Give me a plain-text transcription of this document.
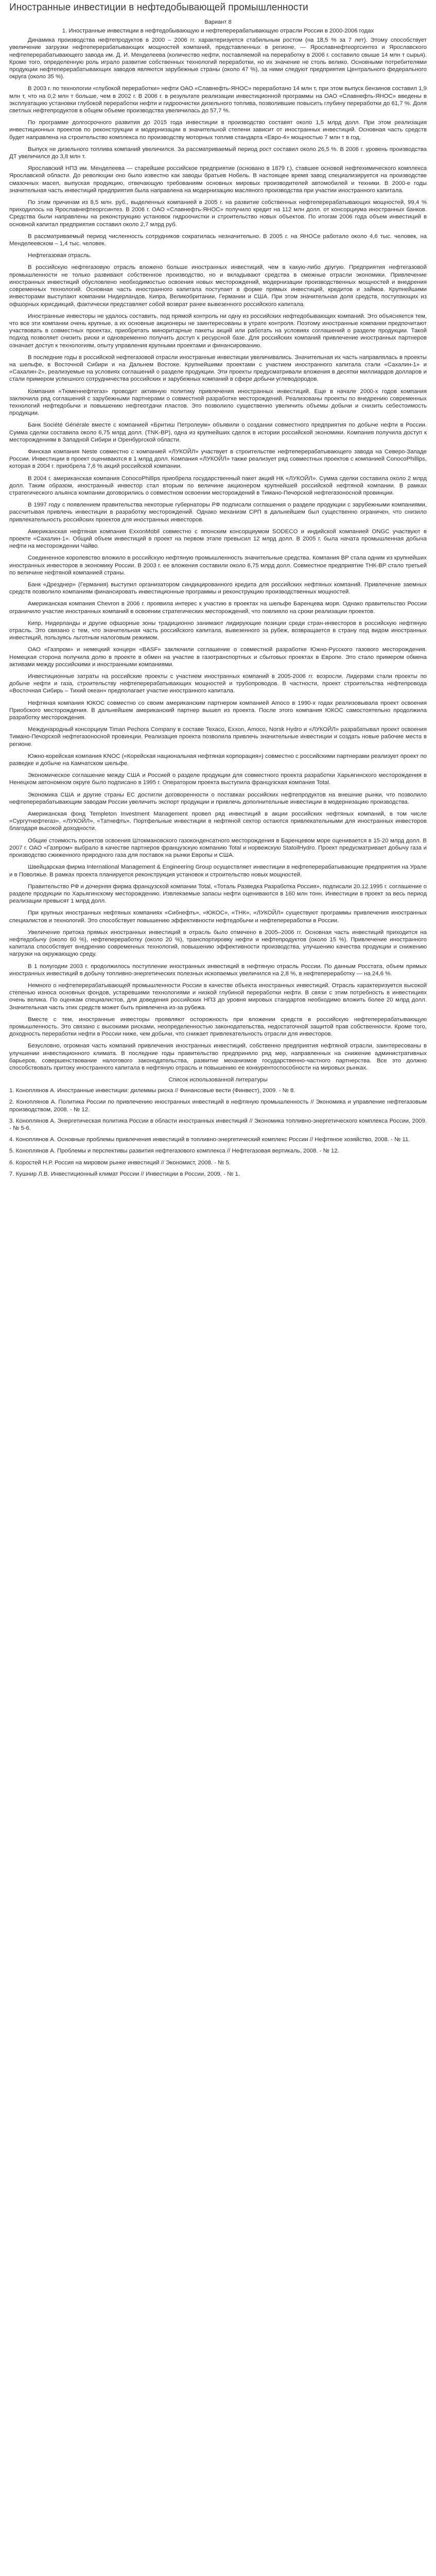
Иностранные инвестиции в нефтедобывающей промышленности
Вариант 8

1. Иностранные инвестиции в нефтедобывающую и нефтеперерабатывающую отрасли России в 2000-2006 годах

Динамика производства нефтепродуктов в 2000 – 2006 гг. характеризуется стабильным ростом (на 18,5 % за 7 лет). Этому способствует увеличение загрузки нефтеперерабатывающих мощностей компаний, представленных в регионе, — Ярославнефтеоргсинтез и Ярославского нефтеперерабатывающего завода им. Д. И. Менделеева (количество нефти, поставляемой на переработку в 2006 г. составило свыше 14 млн т сырья). Кроме того, определенную роль играло развитие собственных технологий переработки, но их значение не столь велико. Основными потребителями продукции нефтеперерабатывающих заводов являются зарубежные страны (около 47 %), за ними следуют предприятия Центрального федерального округа (около 35 %).

В 2003 г. по технологии «глубокой переработки» нефти ОАО «Славнефть-ЯНОС» переработано 14 млн т, при этом выпуск бензинов составил 1,9 млн т, что на 0,2 млн т больше, чем в 2002 г. В 2006 г. в результате реализации инвестиционной программы на ОАО «Славнефть-ЯНОС» введены в эксплуатацию установки глубокой переработки нефти и гидроочистки дизельного топлива, позволившие повысить глубину переработки до 61,7 %. Доля светлых нефтепродуктов в общем объеме производства увеличилась до 57,7 %.

По программе долгосрочного развития до 2015 года инвестиции в производство составят около 1,5 млрд долл. При этом реализация инвестиционных проектов по реконструкции и модернизации в значительной степени зависит от иностранных инвестиций. Основная часть средств будет направлена на строительство комплекса по производству моторных топлив стандарта «Евро-4» мощностью 7 млн т в год.

Выпуск не дизельного топлива компаний увеличился. За рассматриваемый период рост составил около 26,5 %. В 2006 г. уровень производства ДТ увеличился до 3,8 млн т.

Ярославский НПЗ им. Менделеева — старейшее российское предприятие (основано в 1879 г.), ставшее основой нефтехимического комплекса Ярославской области. До революции оно было известно как заводы братьев Нобель. В настоящее время завод специализируется на производстве смазочных масел, выпуская продукцию, отвечающую требованиям основных мировых производителей автомобилей и техники. В 2000-е годы значительная часть инвестиций предприятия была направлена на модернизацию масляного производства при участии иностранного капитала.

По этим причинам из 8,5 млн. руб., выделенных компанией в 2005 г. на развитие собственных нефтеперерабатывающих мощностей, 99,4 % приходилось на Ярославнефтеоргсинтез. В 2006 г. ОАО «Славнефть-ЯНОС» получило кредит на 112 млн долл. от консорциума иностранных банков. Средства были направлены на реконструкцию установок гидроочистки и строительство новых объектов. По итогам 2006 года объем инвестиций в основной капитал предприятия составил около 2,7 млрд руб.

В рассматриваемый период численность сотрудников сократилась незначительно. В 2005 г. на ЯНОСе работало около 4,6 тыс. человек, на Менделеевском – 1,4 тыс. человек.

Нефтегазовая отрасль.

В российскую нефтегазовую отрасль вложено больше иностранных инвестиций, чем в какую-либо другую. Предприятия нефтегазовой промышленности не только развивают собственное производство, но и вкладывают средства в смежные отрасли экономики. Привлечение иностранных инвестиций обусловлено необходимостью освоения новых месторождений, модернизации производственных мощностей и внедрения современных технологий. Основная часть иностранного капитала поступает в форме прямых инвестиций, кредитов и займов. Крупнейшими инвесторами выступают компании Нидерландов, Кипра, Великобритании, Германии и США. При этом значительная доля средств, поступающих из офшорных юрисдикций, фактически представляет собой возврат ранее вывезенного российского капитала.

Иностранные инвесторы не удалось составить, под прямой контроль ни одну из российских нефтедобывающих компаний. Это объясняется тем, что все эти компании очень крупные, а их основные акционеры не заинтересованы в утрате контроля. Поэтому иностранные компании предпочитают участвовать в совместных проектах, приобретать миноритарные пакеты акций или работать на условиях соглашений о разделе продукции. Такой подход позволяет снизить риски и одновременно получить доступ к ресурсной базе. Для российских компаний привлечение иностранных партнеров означает доступ к технологиям, опыту управления крупными проектами и финансированию.

В последние годы в российской нефтегазовой отрасли иностранные инвестиции увеличивались. Значительная их часть направлялась в проекты на шельфе, в Восточной Сибири и на Дальнем Востоке. Крупнейшими проектами с участием иностранного капитала стали «Сахалин-1» и «Сахалин-2», реализуемые на условиях соглашений о разделе продукции. Эти проекты предусматривали вложения в десятки миллиардов долларов и стали примером успешного сотрудничества российских и зарубежных компаний в сфере добычи углеводородов.

Компания «Тюменнефтегаз» проводит активную политику привлечения иностранных инвестиций. Еще в начале 2000-х годов компания заключила ряд соглашений с зарубежными партнерами о совместной разработке месторождений. Реализованы проекты по внедрению современных технологий нефтедобычи и повышению нефтеотдачи пластов. Это позволило существенно увеличить объемы добычи и снизить себестоимость продукции.

Банк Société Générale вместе с компанией «Бритиш Петролеум» объявили о создании совместного предприятия по добыче нефти в России. Сумма сделки составила около 6,75 млрд долл. (TNK-BP), одна из крупнейших сделок в истории российской экономики. Компания получила доступ к месторождениям в Западной Сибири и Оренбургской области.

Финская компания Neste совместно с компанией «ЛУКОЙЛ» участвует в строительстве нефтеперерабатывающего завода на Северо-Западе России. Инвестиции в проект оцениваются в 1 млрд долл. Компания «ЛУКОЙЛ» также реализует ряд совместных проектов с компанией ConocoPhillips, которая в 2004 г. приобрела 7,6 % акций российской компании.

В 2004 г. американская компания ConocoPhillips приобрела государственный пакет акций НК «ЛУКОЙЛ». Сумма сделки составила около 2 млрд долл. Таким образом, иностранный инвестор стал вторым по величине акционером крупнейшей российской нефтяной компании. В рамках стратегического альянса компании договорились о совместном освоении месторождений в Тимано-Печорской нефтегазоносной провинции.

В 1997 году с появлением правительства некоторые губернаторы РФ подписали соглашения о разделе продукции с зарубежными компаниями, рассчитывая привлечь инвестиции в разработку месторождений. Однако механизм СРП в дальнейшем был существенно ограничен, что снизило привлекательность российских проектов для иностранных инвесторов.

Американская нефтяная компания ExxonMobil совместно с японским консорциумом SODECO и индийской компанией ONGC участвуют в проекте «Сахалин-1». Общий объем инвестиций в проект на первом этапе превысил 12 млрд долл. В 2005 г. была начата промышленная добыча нефти на месторождении Чайво.

Соединенное королевство вложило в российскую нефтяную промышленность значительные средства. Компания BP стала одним из крупнейших иностранных инвесторов в экономику России. В 2003 г. ее вложения составили около 6,75 млрд долл. Совместное предприятие ТНК-ВР стало третьей по величине нефтяной компанией страны.

Банк «Дрезднер» (Германия) выступил организатором синдицированного кредита для российских нефтяных компаний. Привлечение заемных средств позволило компаниям финансировать инвестиционные программы и реконструкцию производственных мощностей.

Американская компания Chevron в 2006 г. проявила интерес к участию в проектах на шельфе Баренцева моря. Однако правительство России ограничило участие иностранных компаний в освоении стратегических месторождений, что повлияло на сроки реализации проектов.

Кипр, Нидерланды и другие офшорные зоны традиционно занимают лидирующие позиции среди стран-инвесторов в российскую нефтяную отрасль. Это связано с тем, что значительная часть российского капитала, вывезенного за рубеж, возвращается в страну под видом иностранных инвестиций, пользуясь льготным налоговым режимом.

ОАО «Газпром» и немецкий концерн «BASF» заключили соглашение о совместной разработке Южно-Русского газового месторождения. Немецкая сторона получила долю в проекте в обмен на участие в газотранспортных и сбытовых проектах в Европе. Это стало примером обмена активами между российскими и иностранными компаниями.

Инвестиционные затраты на российские проекты с участием иностранных компаний в 2005-2006 гг. возросли. Лидерами стали проекты по добыче нефти и газа, строительству нефтеперерабатывающих мощностей и трубопроводов. В частности, проект строительства нефтепровода «Восточная Сибирь – Тихий океан» предполагает участие иностранного капитала.

Нефтяная компания ЮКОС совместно со своим американским партнером компанией Amoco в 1990-х годах реализовывала проект освоения Приобского месторождения. В дальнейшем американский партнер вышел из проекта. После этого компания ЮКОС самостоятельно продолжила разработку месторождения.

Международный консорциум Timan Pechora Company в составе Texaco, Exxon, Amoco, Norsk Hydro и «ЛУКОЙЛ» разрабатывал проект освоения Тимано-Печорской нефтегазоносной провинции. Реализация проекта позволила привлечь значительные инвестиции и создать новые рабочие места в регионе.

Южно-корейская компания KNOC («Корейская национальная нефтяная корпорация») совместно с российскими партнерами реализует проект по разведке и добыче на Камчатском шельфе.

Экономическое соглашение между США и Россией о разделе продукции для совместного проекта разработки Харьягинского месторождения в Ненецком автономном округе было подписано в 1995 г. Оператором проекта выступила французская компания Total.

Экономика США и другие страны ЕС достигли договоренности о поставках российских нефтепродуктов на внешние рынки, что позволило нефтеперерабатывающим заводам России увеличить экспорт продукции и привлечь дополнительные инвестиции в модернизацию производства.

Американская фонд Templeton Investment Management провел ряд инвестиций в акции российских нефтяных компаний, в том числе «Сургутнефтегаз», «ЛУКОЙЛ», «Татнефть». Портфельные инвестиции в нефтяной сектор остаются привлекательными для иностранных инвесторов благодаря высокой доходности.

Общие стоимость проектов освоения Штокмановского газоконденсатного месторождения в Баренцевом море оценивается в 15-20 млрд долл. В 2007 г. ОАО «Газпром» выбрало в качестве партнеров французскую компанию Total и норвежскую StatoilHydro. Проект предусматривает добычу газа и производство сжиженного природного газа для поставок на рынки Европы и США.

Швейцарская фирма International Management & Engineering Group осуществляет инвестиции в нефтеперерабатывающие предприятия на Урале и в Поволжье. В рамках проекта планируется реконструкция установок и строительство новых мощностей.

Правительство РФ и дочерняя фирма французской компании Total, «Тоталь Разведка Разработка Россия», подписали 20.12.1995 г. соглашение о разделе продукции по Харьягинскому месторождению. Извлекаемые запасы нефти оцениваются в 160 млн тонн. Инвестиции в проект за весь период реализации превысят 1 млрд долл.

При крупных иностранных нефтяных компаниях «Сибнефть», «ЮКОС», «ТНК», «ЛУКОЙЛ» существуют программы привлечения иностранных специалистов и технологий. Это способствует повышению эффективности нефтедобычи и нефтепереработки в России.

Увеличение притока прямых иностранных инвестиций в отрасль было отмечено в 2005–2006 гг. Основная часть инвестиций приходится на нефтедобычу (около 60 %), нефтепереработку (около 20 %), транспортировку нефти и нефтепродуктов (около 15 %). Привлечение иностранного капитала способствует внедрению современных технологий, повышению эффективности производства, улучшению качества продукции и снижению нагрузки на окружающую среду.

В 1 полугодии 2003 г. продолжилось поступление иностранных инвестиций в нефтяную отрасль России. По данным Росстата, объем прямых иностранных инвестиций в добычу топливно-энергетических полезных ископаемых увеличился на 2,8 %, в нефтепереработку — на 24,6 %.

Немного о нефтеперерабатывающей промышленности России в качестве объекта иностранных инвестиций. Отрасль характеризуется высокой степенью износа основных фондов, устаревшими технологиями и низкой глубиной переработки нефти. В связи с этим потребность в инвестициях очень велика. По оценкам специалистов, для доведения российских НПЗ до уровня мировых стандартов необходимо вложить более 20 млрд долл. Значительная часть этих средств может быть привлечена из-за рубежа.

Вместе с тем, иностранные инвесторы проявляют осторожность при вложении средств в российскую нефтеперерабатывающую промышленность. Это связано с высокими рисками, неопределенностью законодательства, недостаточной защитой прав собственности. Кроме того, доходность переработки нефти в России ниже, чем добычи, что снижает привлекательность отрасли для инвесторов.

Безусловно, огромная часть компаний привлечения иностранных инвестиций, собственно предприятия нефтяной отрасли, заинтересованы в улучшении инвестиционного климата. В последние годы правительство предприняло ряд мер, направленных на снижение административных барьеров, совершенствование налогового законодательства, развитие механизмов государственно-частного партнерства. Все это должно способствовать притоку иностранного капитала в нефтяную отрасль и повышению ее конкурентоспособности на мировых рынках.

Список использованной литературы
1. Коноплянов А. Иностранные инвестиции: дилеммы риска // Финансовые вести (Финвест), 2009. - № 8.
2. Коноплянов А. Политика России по привлечению иностранных инвестиций в нефтяную промышленность // Экономика и управление нефтегазовым производством, 2008. - № 12.
3. Коноплянов А. Энергетическая политика России в области иностранных инвестиций // Экономика топливно-энергетического комплекса России, 2009. - № 5-6.
4. Коноплянов А. Основные проблемы привлечения инвестиций в топливно-энергетический комплекс России // Нефтяное хозяйство, 2008. - № 11.
5. Коноплянов А. Проблемы и перспективы развития нефтегазового комплекса // Нефтегазовая вертикаль, 2008. - № 12.
6. Коростей Н.Р. Россия на мировом рынке инвестиций // Экономист, 2008. - № 5.
7. Кушнир Л.В. Инвестиционный климат России // Инвестиции в России, 2009. - № 1.
